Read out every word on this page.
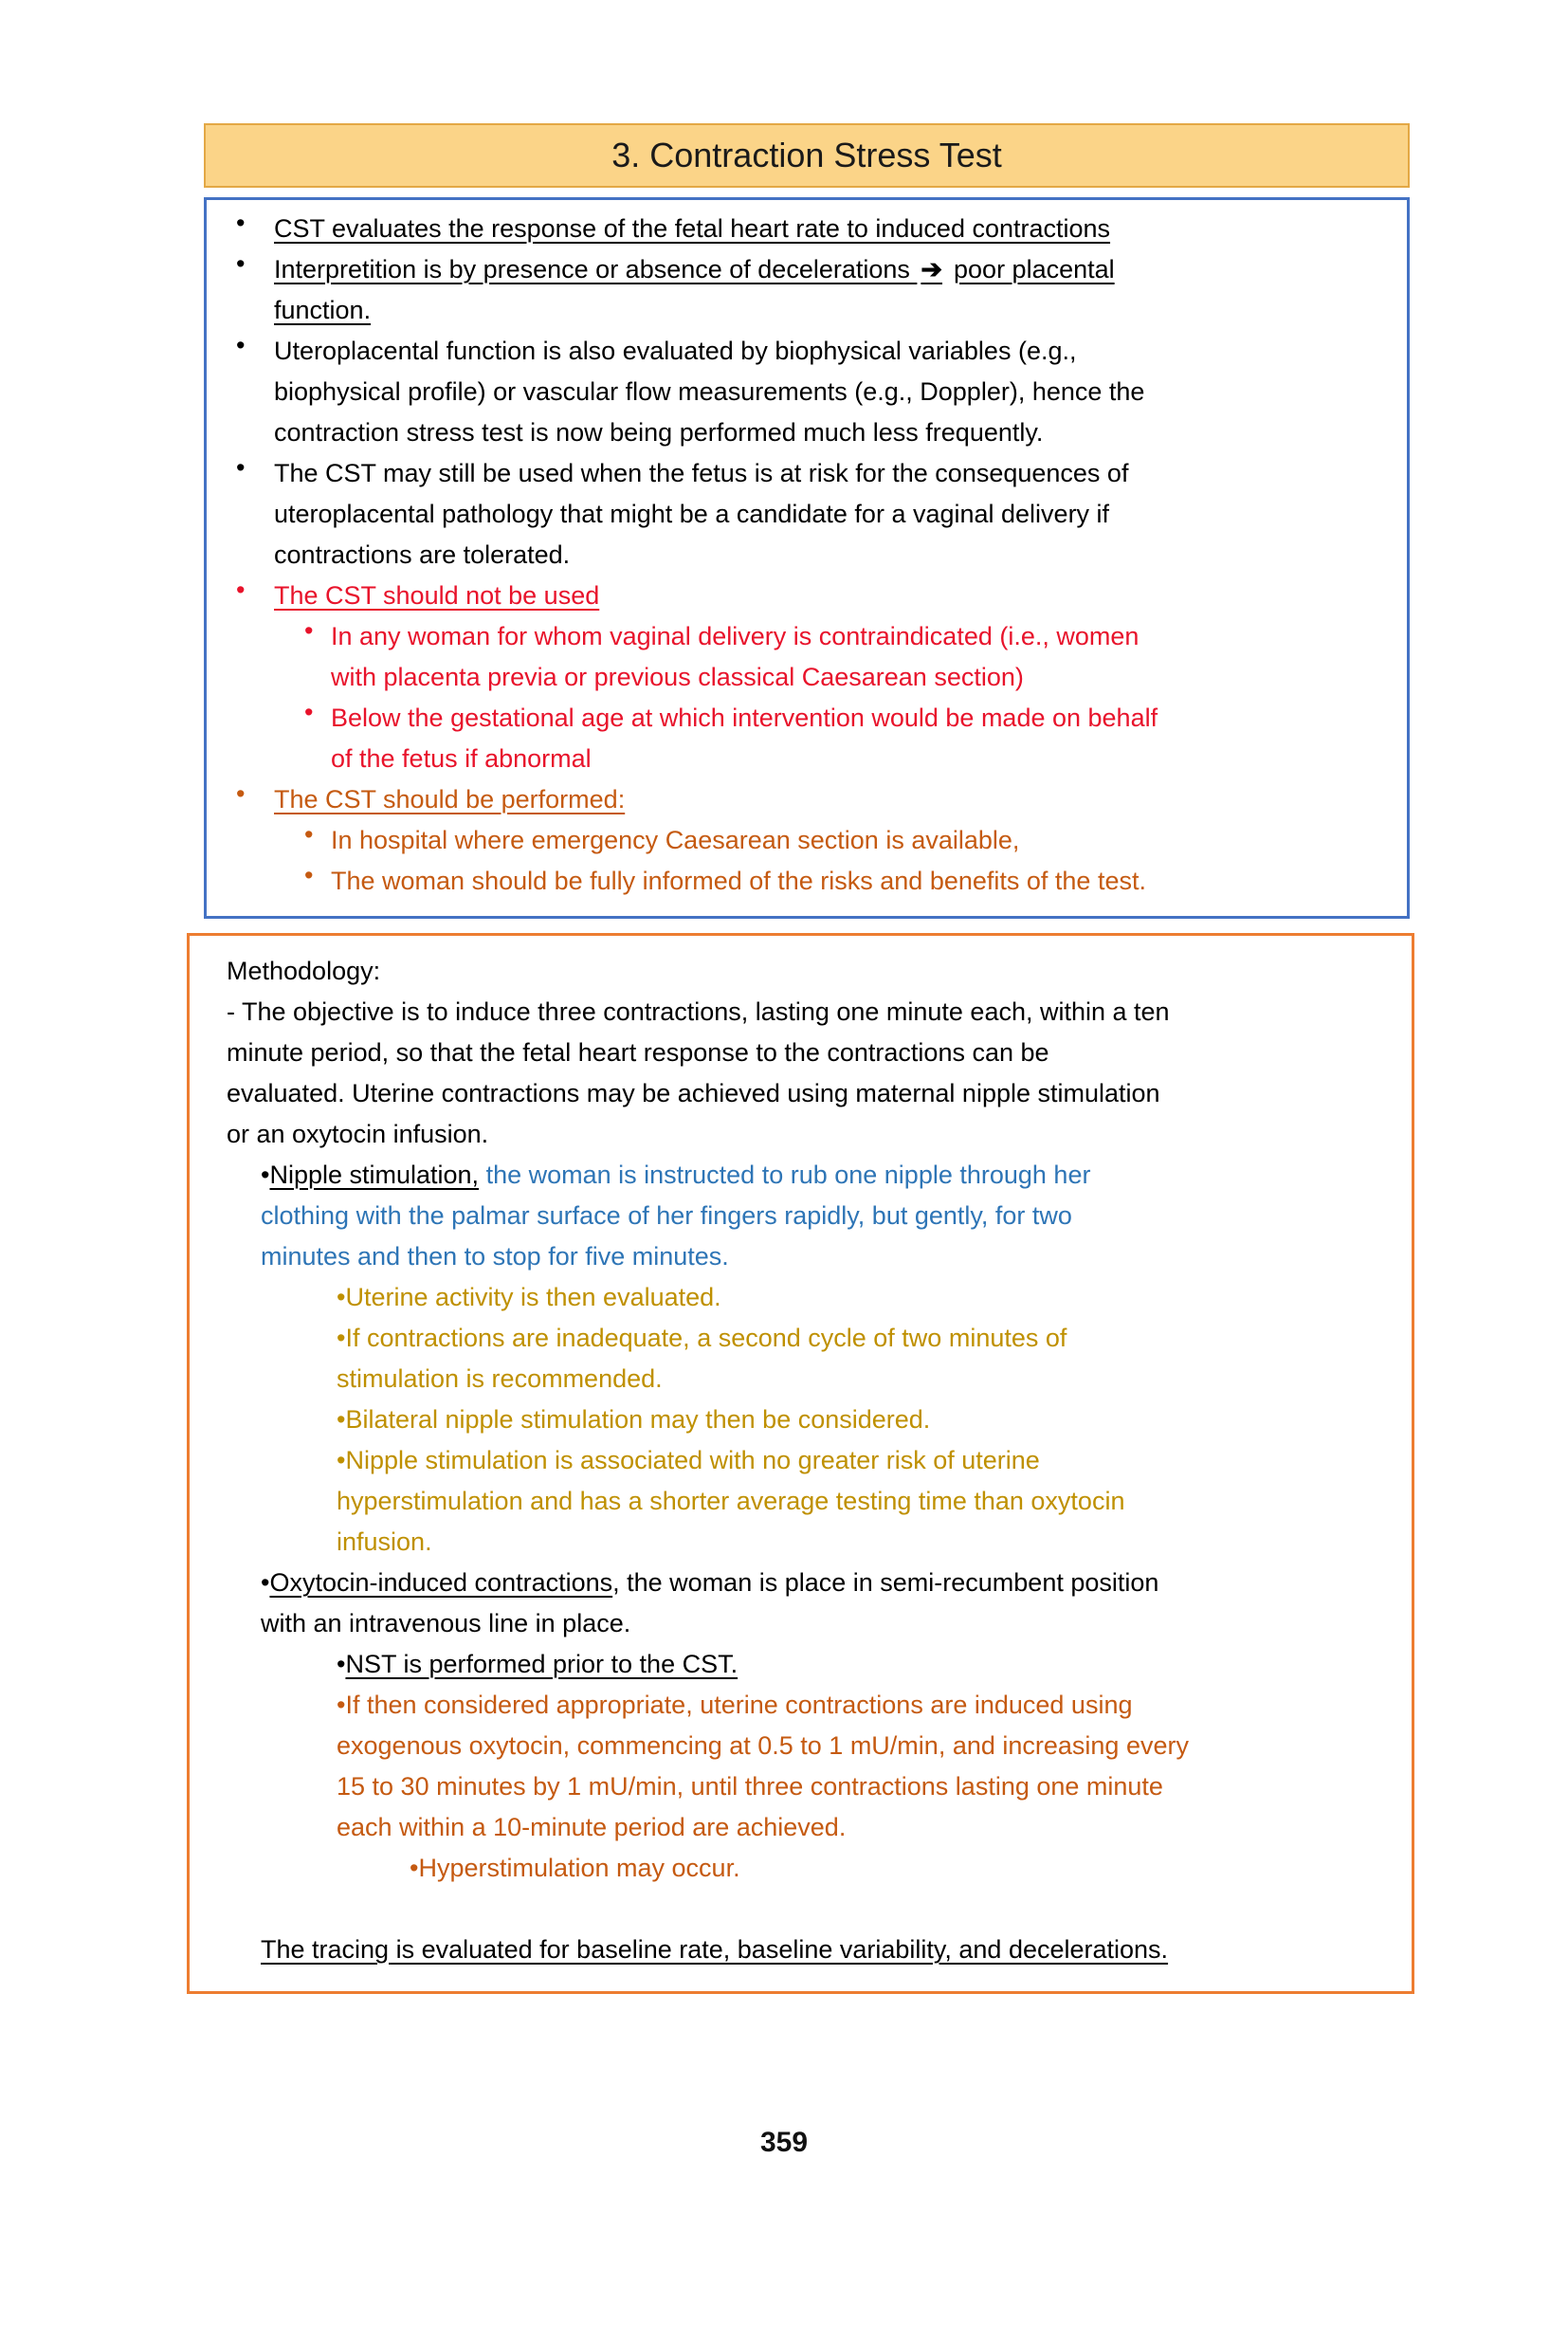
3. Contraction Stress Test
•	CST evaluates the response of the fetal heart rate to induced contractions
•	Interpretition is by presence or absence of decelerations ➔ poor placental
function.
•	Uteroplacental function is also evaluated by biophysical variables (e.g.,
biophysical profile) or vascular flow measurements (e.g., Doppler), hence the
contraction stress test is now being performed much less frequently.
•	The CST may still be used when the fetus is at risk for the consequences of
uteroplacental pathology that might be a candidate for a vaginal delivery if
contractions are tolerated.
•	The CST should not be used
• In any woman for whom vaginal delivery is contraindicated (i.e., women
with placenta previa or previous classical Caesarean section)
• Below the gestational age at which intervention would be made on behalf
of the fetus if abnormal
•	The CST should be performed:
• In hospital where emergency Caesarean section is available,
• The woman should be fully informed of the risks and benefits of the test.
Methodology:
- The objective is to induce three contractions, lasting one minute each, within a ten
minute period, so that the fetal heart response to the contractions can be
evaluated. Uterine contractions may be achieved using maternal nipple stimulation
or an oxytocin infusion.
•Nipple stimulation, the woman is instructed to rub one nipple through her
clothing with the palmar surface of her fingers rapidly, but gently, for two
minutes and then to stop for five minutes.
•Uterine activity is then evaluated.
•If contractions are inadequate, a second cycle of two minutes of
stimulation is recommended.
•Bilateral nipple stimulation may then be considered.
•Nipple stimulation is associated with no greater risk of uterine
hyperstimulation and has a shorter average testing time than oxytocin
infusion.
•Oxytocin-induced contractions, the woman is place in semi-recumbent position
with an intravenous line in place.
•NST is performed prior to the CST.
•If then considered appropriate, uterine contractions are induced using
exogenous oxytocin, commencing at 0.5 to 1 mU/min, and increasing every
15 to 30 minutes by 1 mU/min, until three contractions lasting one minute
each within a 10-minute period are achieved.
•Hyperstimulation may occur.
The tracing is evaluated for baseline rate, baseline variability, and decelerations.
359
